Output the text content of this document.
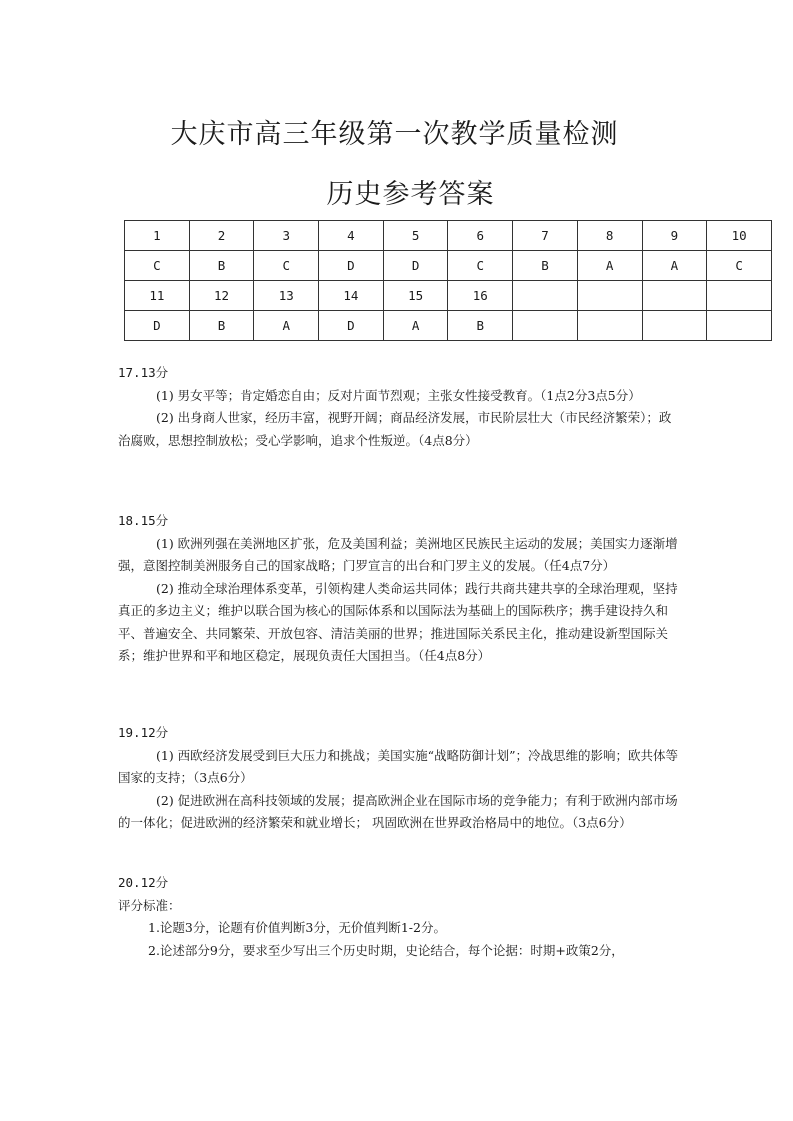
大庆市高三年级第一次教学质量检测
历史参考答案
1	2	3	4	5	6	7	8	9	10
C	B	C	D	D	C	B	A	A	C
11	12	13	14	15	16				
D	B	A	D	A	B				

17.13分

(1) 男女平等；肯定婚恋自由；反对片面节烈观；主张女性接受教育。（1点2分3点5分）

(2) 出身商人世家，经历丰富，视野开阔；商品经济发展，市民阶层壮大（市民经济繁荣）；政治腐败，思想控制放松；受心学影响，追求个性叛逆。（4点8分）

18.15分

(1) 欧洲列强在美洲地区扩张，危及美国利益；美洲地区民族民主运动的发展；美国实力逐渐增强，意图控制美洲服务自己的国家战略；门罗宣言的出台和门罗主义的发展。（任4点7分）

(2) 推动全球治理体系变革，引领构建人类命运共同体；践行共商共建共享的全球治理观，坚持真正的多边主义；维护以联合国为核心的国际体系和以国际法为基础上的国际秩序；携手建设持久和平、普遍安全、共同繁荣、开放包容、清洁美丽的世界；推进国际关系民主化，推动建设新型国际关系；维护世界和平和地区稳定，展现负责任大国担当。（任4点8分）

19.12分

(1) 西欧经济发展受到巨大压力和挑战；美国实施“战略防御计划”；冷战思维的影响；欧共体等国家的支持；（3点6分）

(2) 促进欧洲在高科技领域的发展；提高欧洲企业在国际市场的竞争能力；有利于欧洲内部市场的一体化；促进欧洲的经济繁荣和就业增长； 巩固欧洲在世界政治格局中的地位。（3点6分）

20.12分

评分标准：

1.论题3分，论题有价值判断3分，无价值判断1-2分。

2.论述部分9分，要求至少写出三个历史时期，史论结合，每个论据：时期+政策2分，
